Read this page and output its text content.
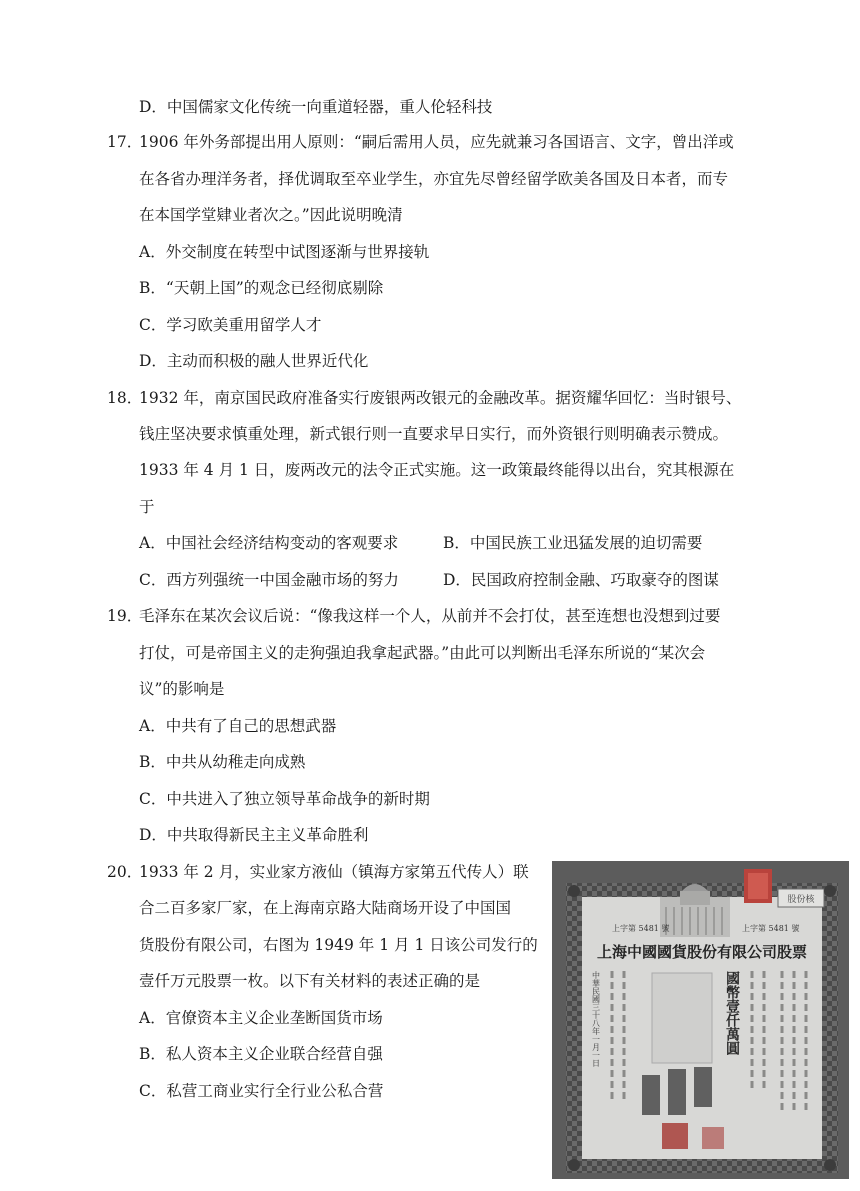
D．中国儒家文化传统一向重道轻器，重人伦轻科技
17．
1906 年外务部提出用人原则：“嗣后需用人员，应先就兼习各国语言、文字，曾出洋或
在各省办理洋务者，择优调取至卒业学生，亦宜先尽曾经留学欧美各国及日本者，而专
在本国学堂肄业者次之。”因此说明晚清
A．外交制度在转型中试图逐渐与世界接轨
B．“天朝上国”的观念已经彻底剔除
C．学习欧美重用留学人才
D．主动而积极的融人世界近代化
18．
1932 年，南京国民政府准备实行废银两改银元的金融改革。据资耀华回忆：当时银号、
钱庄坚决要求慎重处理，新式银行则一直要求早日实行，而外资银行则明确表示赞成。
1933 年 4 月 1 日，废两改元的法令正式实施。这一政策最终能得以出台，究其根源在
于
A．中国社会经济结构变动的客观要求	B．中国民族工业迅猛发展的迫切需要
C．西方列强统一中国金融市场的努力	D．民国政府控制金融、巧取豪夺的图谋
19．
毛泽东在某次会议后说：“像我这样一个人，从前并不会打仗，甚至连想也没想到过要
打仗，可是帝国主义的走狗强迫我拿起武器。”由此可以判断出毛泽东所说的“某次会
议”的影响是
A．中共有了自己的思想武器
B．中共从幼稚走向成熟
C．中共进入了独立领导革命战争的新时期
D．中共取得新民主主义革命胜利
20．
1933 年 2 月，实业家方液仙（镇海方家第五代传人）联
合二百多家厂家，在上海南京路大陆商场开设了中国国
货股份有限公司，右图为 1949 年 1 月 1 日该公司发行的
壹仟万元股票一枚。以下有关材料的表述正确的是
A．官僚资本主义企业垄断国货市场
B．私人资本主义企业联合经营自强
C．私营工商业实行全行业公私合营
股份核
上字第 5481 號	上字第 5481 號
上海中國國貨股份有限公司股票
國幣壹仟萬圓
中華民國三十八年一月一日
